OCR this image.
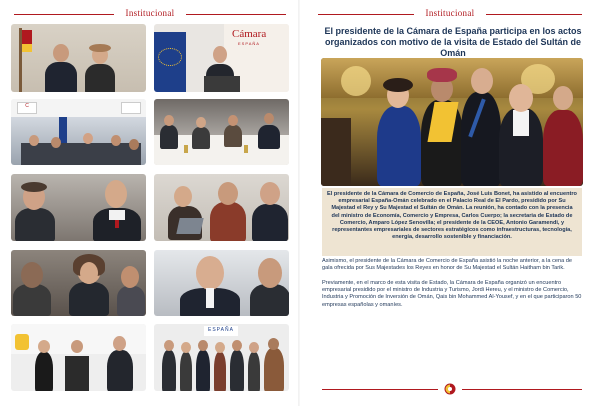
Institucional
Cámara
ESPAÑA
C
ESPAÑA
Institucional
El presidente de la Cámara de España participa en los actos organizados con motivo de la visita de Estado del Sultán de Omán
El presidente de la Cámara de Comercio de España, José Luis Bonet, ha asistido al encuentro empresarial España-Omán celebrado en el Palacio Real de El Pardo, presidido por Su Majestad el Rey y Su Majestad el Sultán de Omán. La reunión, ha contado con la presencia del ministro de Economía, Comercio y Empresa, Carlos Cuerpo; la secretaria de Estado de Comercio, Amparo López Senovilla; el presidente de la CEOE, Antonio Garamendi, y representantes empresariales de sectores estratégicos como infraestructuras, tecnología, energía, desarrollo sostenible y financiación.
Asimismo, el presidente de la Cámara de Comercio de España asistió la noche anterior, a la cena de gala ofrecida por Sus Majestades los Reyes en honor de Su Majestad el Sultán Haitham bin Tarik.
Previamente, en el marco de esta visita de Estado, la Cámara de España organizó un encuentro empresarial presidido por el ministro de Industria y Turismo, Jordi Hereu, y el ministro de Comercio, Industria y Promoción de Inversión de Omán, Qais bin Mohammed Al-Yousef, y en el que participaron 50 empresas españolas y omaníes.
